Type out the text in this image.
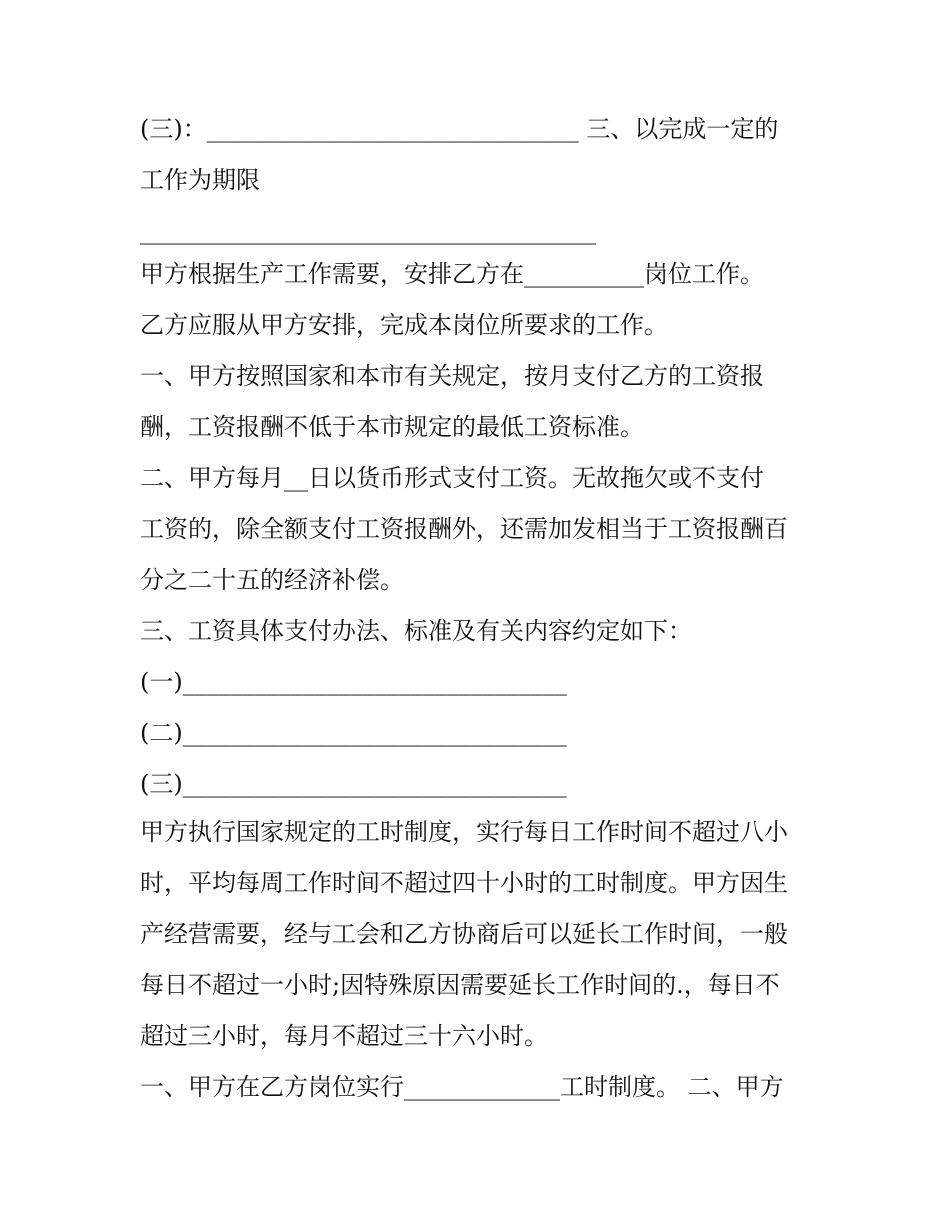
(三)：_______________________________ 三、以完成一定的

工作为期限

______________________________________

甲方根据生产工作需要，安排乙方在__________岗位工作。

乙方应服从甲方安排，完成本岗位所要求的工作。

一、甲方按照国家和本市有关规定，按月支付乙方的工资报

酬，工资报酬不低于本市规定的最低工资标准。

二、甲方每月__日以货币形式支付工资。无故拖欠或不支付

工资的，除全额支付工资报酬外，还需加发相当于工资报酬百

分之二十五的经济补偿。

三、工资具体支付办法、标准及有关内容约定如下：

(一)________________________________

(二)________________________________

(三)________________________________

甲方执行国家规定的工时制度，实行每日工作时间不超过八小

时，平均每周工作时间不超过四十小时的工时制度。甲方因生

产经营需要，经与工会和乙方协商后可以延长工作时间，一般

每日不超过一小时;因特殊原因需要延长工作时间的.，每日不

超过三小时，每月不超过三十六小时。

一、甲方在乙方岗位实行_____________工时制度。 二、甲方
